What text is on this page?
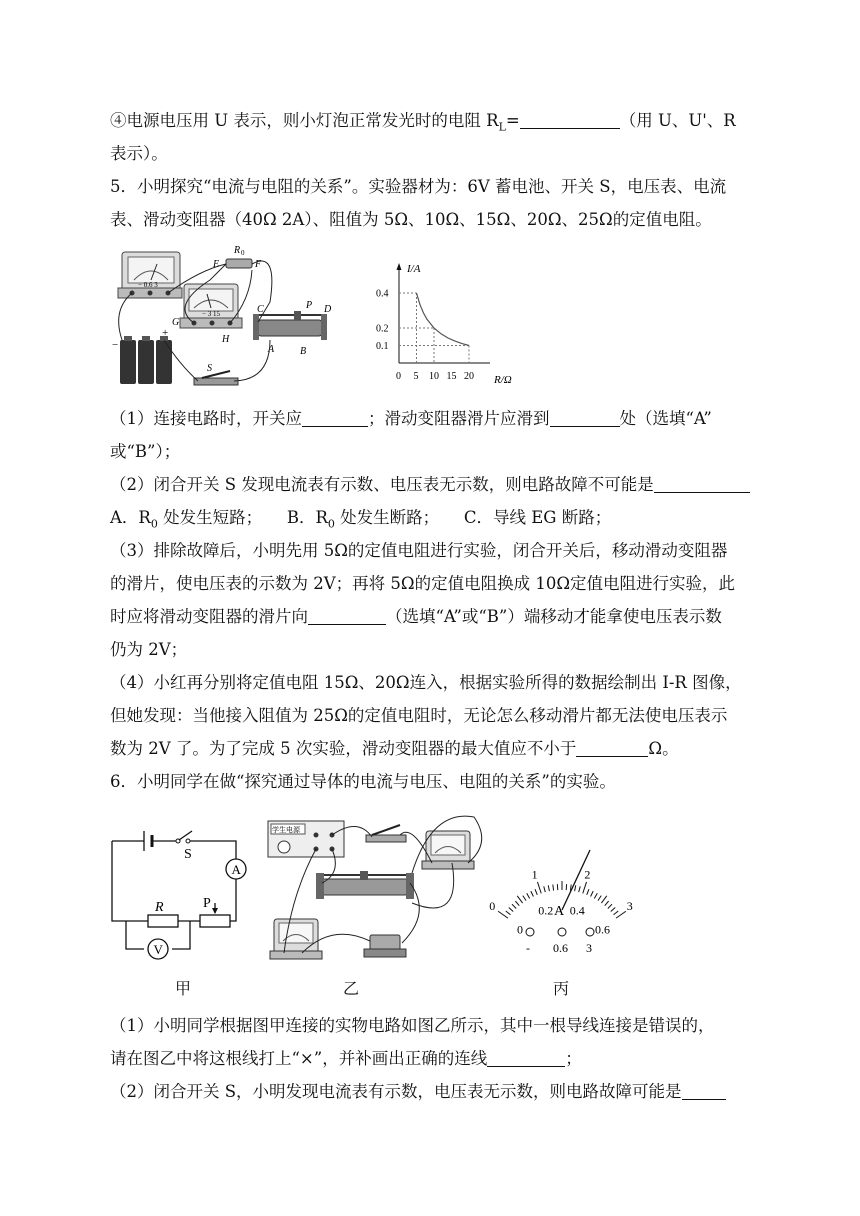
④电源电压用 U 表示，则小灯泡正常发光时的电阻 $R_L=$	（用 U、U'、R
表示）。
5．小明探究“电流与电阻的关系”。实验器材为：6V 蓄电池、开关 S，电压表、电流
表、滑动变阻器（40Ω 2A）、阻值为 5Ω、10Ω、15Ω、20Ω、25Ω的定值电阻。
− 0.6 3
− 3 15
E	F
R 0
C	P D
A	B
G
H
−
+
S
I/A
R/Ω
0 5 10 15 20
0.1
0.2
0.4
（1）连接电路时，开关应	；滑动变阻器滑片应滑到	处（选填“A”
或“B”）；
（2）闭合开关 S 发现电流表有示数、电压表无示数，则电路故障不可能是
A．$R_0$ 处发生短路；　　B．$R_0$ 处发生断路；　　C．导线 EG 断路；
（3）排除故障后，小明先用 5Ω的定值电阻进行实验，闭合开关后，移动滑动变阻器
的滑片，使电压表的示数为 2V；再将 5Ω的定值电阻换成 10Ω定值电阻进行实验，此
时应将滑动变阻器的滑片向	（选填“A”或“B”）端移动才能拿使电压表示数
仍为 2V；
（4）小红再分别将定值电阻 15Ω、20Ω连入，根据实验所得的数据绘制出 I-R 图像，
但她发现：当他接入阻值为 25Ω的定值电阻时，无论怎么移动滑片都无法使电压表示
数为 2V 了。为了完成 5 次实验，滑动变阻器的最大值应不小于	Ω。
6．小明同学在做“探究通过导体的电流与电压、电阻的关系”的实验。
S
A
R	P
V
甲
学生电源
乙
0
1	2
3
0
0.2 0.4
0.6
A
- 0.6 3
丙
（1）小明同学根据图甲连接的实物电路如图乙所示，其中一根导线连接是错误的，
请在图乙中将这根线打上“×”，并补画出正确的连线	；
（2）闭合开关 S，小明发现电流表有示数，电压表无示数，则电路故障可能是
